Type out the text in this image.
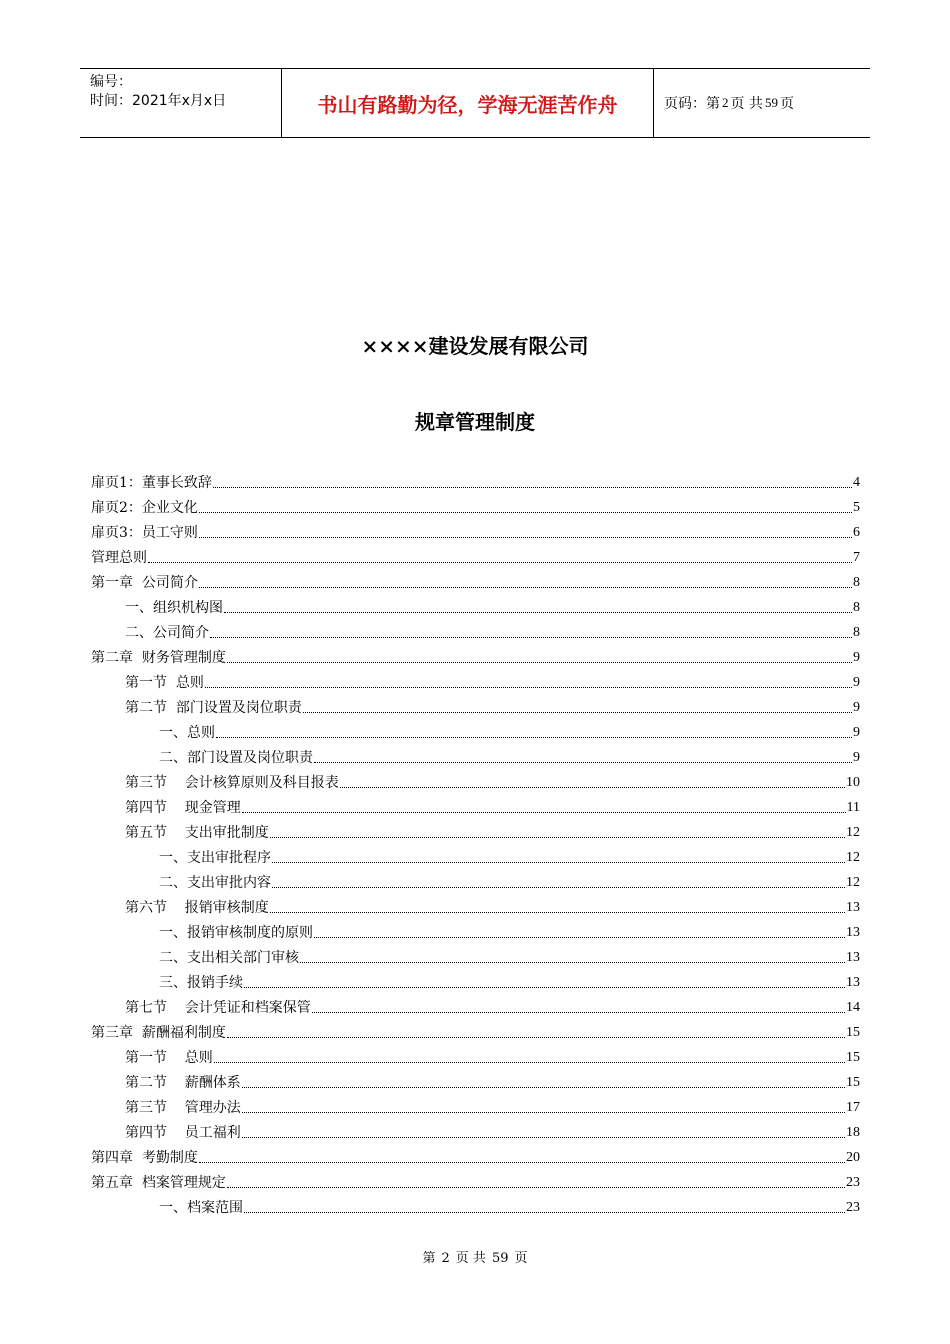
编号：
时间：2021年x月x日	书山有路勤为径，学海无涯苦作舟	页码：第 2 页 共 59 页
××××建设发展有限公司
规章管理制度
扉页1：董事长致辞	4
扉页2：企业文化	5
扉页3：员工守则	6
管理总则	7
第一章  公司简介	8
一、组织机构图	8
二、公司简介	8
第二章  财务管理制度	9
第一节  总则	9
第二节  部门设置及岗位职责	9
一、总则	9
二、部门设置及岗位职责	9
第三节    会计核算原则及科目报表	10
第四节    现金管理	11
第五节    支出审批制度	12
一、支出审批程序	12
二、支出审批内容	12
第六节    报销审核制度	13
一、报销审核制度的原则	13
二、支出相关部门审核	13
三、报销手续	13
第七节    会计凭证和档案保管	14
第三章  薪酬福利制度	15
第一节    总则	15
第二节    薪酬体系	15
第三节    管理办法	17
第四节    员工福利	18
第四章  考勤制度	20
第五章  档案管理规定	23
一、档案范围	23
第 2 页 共 59 页
